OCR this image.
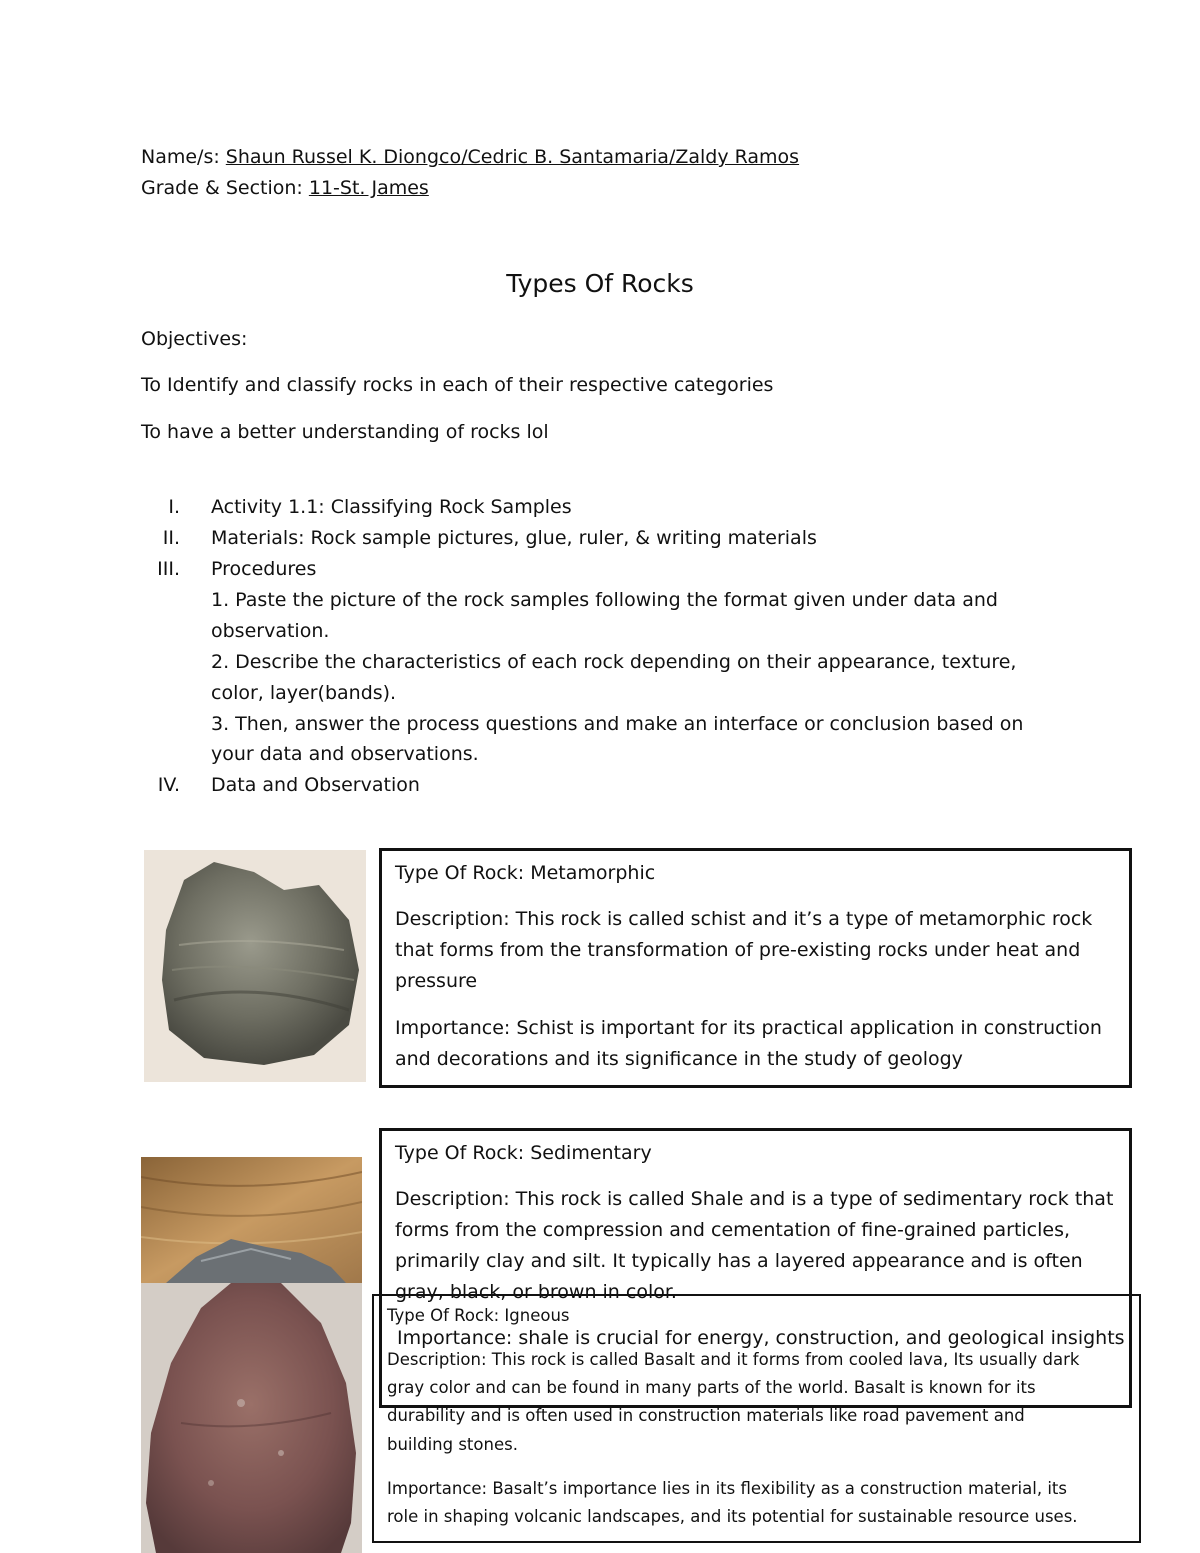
Name/s: Shaun Russel K. Diongco/Cedric B. Santamaria/Zaldy Ramos
Grade & Section: 11-St. James
Types Of Rocks
Objectives:
To Identify and classify rocks in each of their respective categories
To have a better understanding of rocks lol
I. Activity 1.1: Classifying Rock Samples
II. Materials: Rock sample pictures, glue, ruler, & writing materials
III. Procedures
1. Paste the picture of the rock samples following the format given under data and
observation.
2. Describe the characteristics of each rock depending on their appearance, texture,
color, layer(bands).
3. Then, answer the process questions and make an interface or conclusion based on
your data and observations.
IV. Data and Observation
Type Of Rock: Metamorphic
Description: This rock is called schist and it’s a type of metamorphic rock
that forms from the transformation of pre-existing rocks under heat and
pressure
Importance: Schist is important for its practical application in construction
and decorations and its significance in the study of geology
Type Of Rock: Sedimentary
Description: This rock is called Shale and is a type of sedimentary rock that
forms from the compression and cementation of fine-grained particles,
primarily clay and silt. It typically has a layered appearance and is often
gray, black, or brown in color.
Importance: shale is crucial for energy, construction, and geological insights
Type Of Rock: Igneous
Description: This rock is called Basalt and it forms from cooled lava, Its usually dark
gray color and can be found in many parts of the world. Basalt is known for its
durability and is often used in construction materials like road pavement and
building stones.
Importance: Basalt’s importance lies in its flexibility as a construction material, its
role in shaping volcanic landscapes, and its potential for sustainable resource uses.
